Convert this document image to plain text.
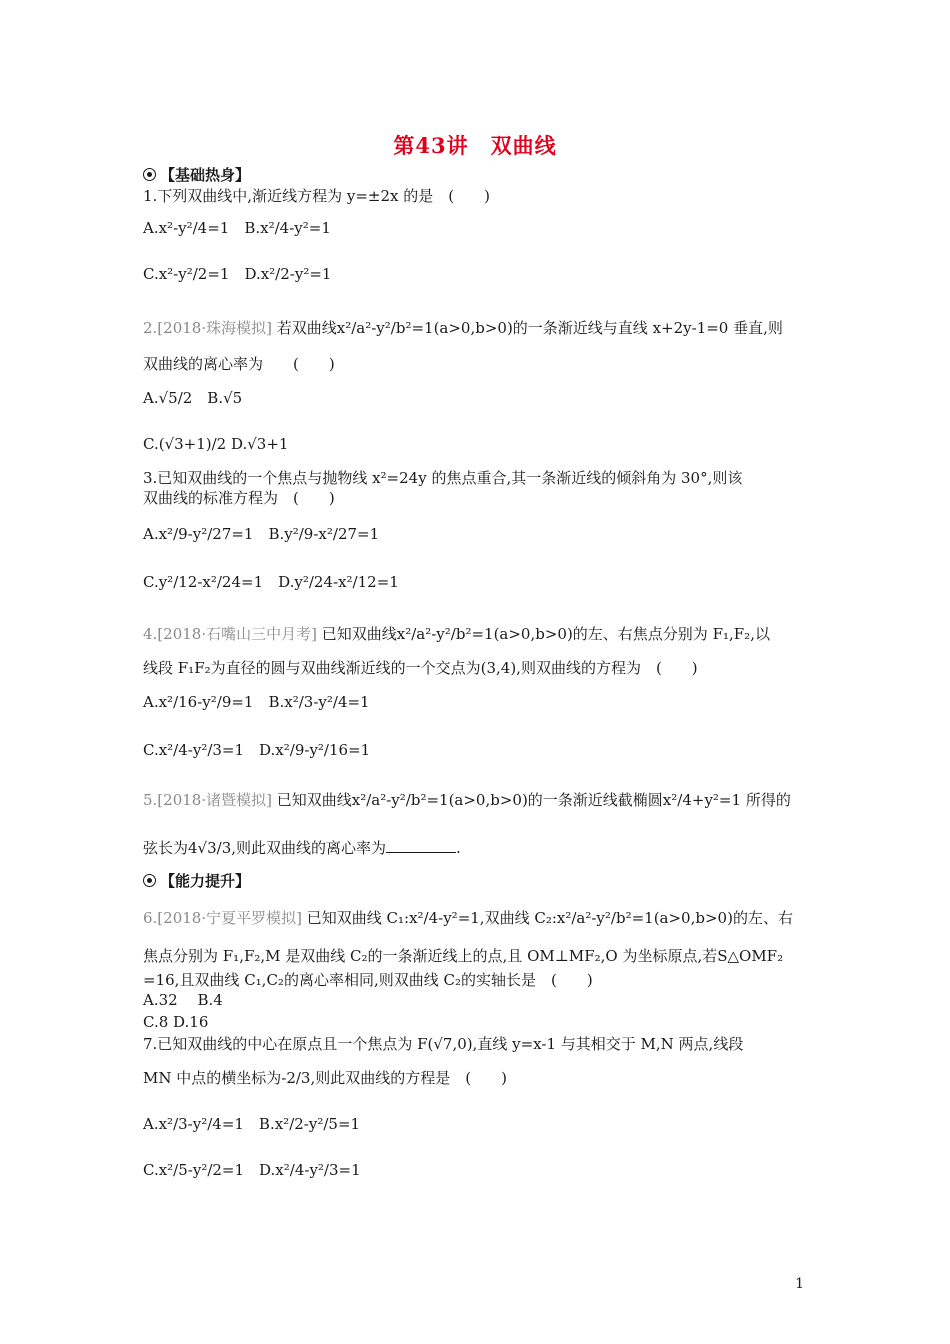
第43讲　双曲线
【基础热身】
1.下列双曲线中,渐近线方程为 y=±2x 的是　(　　)
A.x²-y²/4=1　B.x²/4-y²=1
C.x²-y²/2=1　D.x²/2-y²=1
2.[2018·珠海模拟] 若双曲线x²/a²-y²/b²=1(a>0,b>0)的一条渐近线与直线 x+2y-1=0 垂直,则
双曲线的离心率为　　(　　)
A.√5/2　B.√5
C.(√3+1)/2 D.√3+1
3.已知双曲线的一个焦点与抛物线 x²=24y 的焦点重合,其一条渐近线的倾斜角为 30°,则该
双曲线的标准方程为　(　　)
A.x²/9-y²/27=1　B.y²/9-x²/27=1
C.y²/12-x²/24=1　D.y²/24-x²/12=1
4.[2018·石嘴山三中月考] 已知双曲线x²/a²-y²/b²=1(a>0,b>0)的左、右焦点分别为 F₁,F₂,以
线段 F₁F₂为直径的圆与双曲线渐近线的一个交点为(3,4),则双曲线的方程为　(　　)
A.x²/16-y²/9=1　B.x²/3-y²/4=1
C.x²/4-y²/3=1　D.x²/9-y²/16=1
5.[2018·诸暨模拟] 已知双曲线x²/a²-y²/b²=1(a>0,b>0)的一条渐近线截椭圆x²/4+y²=1 所得的
弦长为4√3/3,则此双曲线的离心率为	.
【能力提升】
6.[2018·宁夏平罗模拟] 已知双曲线 C₁:x²/4-y²=1,双曲线 C₂:x²/a²-y²/b²=1(a>0,b>0)的左、右
焦点分别为 F₁,F₂,M 是双曲线 C₂的一条渐近线上的点,且 OM⊥MF₂,O 为坐标原点,若S△OMF₂
=16,且双曲线 C₁,C₂的离心率相同,则双曲线 C₂的实轴长是　(　　)
A.32　 B.4
C.8 D.16
7.已知双曲线的中心在原点且一个焦点为 F(√7,0),直线 y=x-1 与其相交于 M,N 两点,线段
MN 中点的横坐标为-2/3,则此双曲线的方程是　(　　)
A.x²/3-y²/4=1　B.x²/2-y²/5=1
C.x²/5-y²/2=1　D.x²/4-y²/3=1
1
